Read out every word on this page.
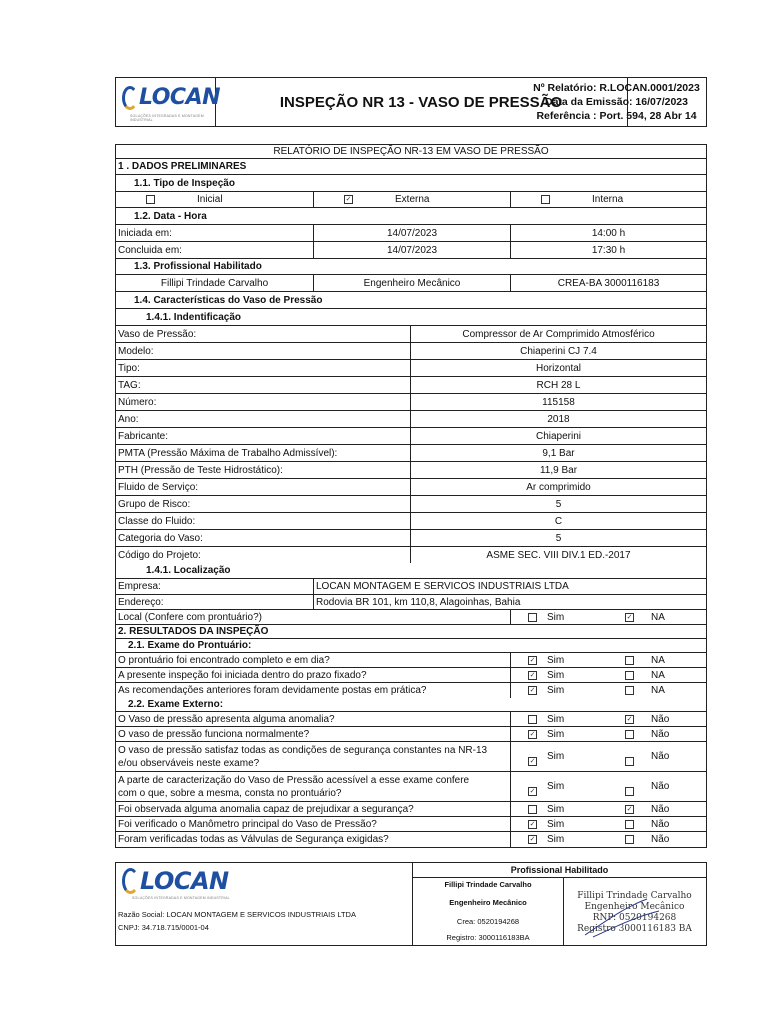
LOCAN
SOLUÇÕES INTEGRADAS E MONTAGEM INDUSTRIAL
INSPEÇÃO NR 13 - VASO DE PRESSÃO
Nº Relatório: R.LOCAN.0001/2023
Data da Emissão: 16/07/2023
Referência : Port. 594, 28 Abr 14
RELATÓRIO DE INSPEÇÃO NR-13 EM VASO DE PRESSÃO
1 . DADOS PRELIMINARES
1.1. Tipo de Inspeção
Inicial	✓	Externa	Interna
1.2. Data - Hora
Iniciada em:	14/07/2023	14:00 h
Concluida em:	14/07/2023	17:30 h
1.3. Profissional Habilitado
Fillipi Trindade Carvalho	Engenheiro Mecânico	CREA-BA 3000116183
1.4. Características do Vaso de Pressão
1.4.1. Indentificação
Vaso de Pressão:	Compressor de Ar Comprimido Atmosférico
Modelo:	Chiaperini CJ 7.4
Tipo:	Horizontal
TAG:	RCH 28 L
Número:	115158
Ano:	2018
Fabricante:	Chiaperini
PMTA (Pressão Máxima de Trabalho Admissível):	9,1 Bar
PTH (Pressão de Teste Hidrostático):	11,9 Bar
Fluido de Serviço:	Ar comprimido
Grupo de Risco:	5
Classe do Fluido:	C
Categoria do Vaso:	5
Código do Projeto:	ASME SEC. VIII DIV.1 ED.-2017
1.4.1. Localização
Empresa:	LOCAN MONTAGEM E SERVICOS INDUSTRIAIS LTDA
Endereço:	Rodovia BR 101, km 110,8, Alagoinhas, Bahia
Local (Confere com prontuário?)	Sim	✓ NA
2. RESULTADOS DA INSPEÇÃO
2.1. Exame do Prontuário:
O prontuário foi encontrado completo e em dia?	✓ Sim	NA
A presente inspeção foi iniciada dentro do prazo fixado?	✓ Sim	NA
As recomendações anteriores foram devidamente postas em prática?	✓ Sim	NA
2.2. Exame Externo:
O Vaso de pressão apresenta alguma anomalia?	Sim	✓ Não
O vaso de pressão funciona normalmente?	✓ Sim	Não
O vaso de pressão satisfaz todas as condições de segurança constantes na NR-13
e/ou observáveis neste exame?	✓ Sim	Não
A parte de caracterização do Vaso de Pressão acessível a esse exame confere
com o que, sobre a mesma, consta no prontuário?	✓ Sim	Não
Foi observada alguma anomalia capaz de prejudixar a segurança?	Sim	✓ Não
Foi verificado o Manômetro principal do Vaso de Pressão?	✓ Sim	Não
Foram verificadas todas as Válvulas de Segurança exigidas?	✓ Sim	Não
LOCAN
SOLUÇÕES INTEGRADAS E MONTAGEM INDUSTRIAL
Razão Social: LOCAN MONTAGEM E SERVICOS INDUSTRIAIS LTDA
CNPJ: 34.718.715/0001-04
Profissional Habilitado
Fillipi Trindade Carvalho
Engenheiro Mecânico
Crea: 0520194268
Registro: 3000116183BA
Fillipi Trindade Carvalho
Engenheiro Mecânico
RNP: 0520194268
Registro 3000116183 BA
